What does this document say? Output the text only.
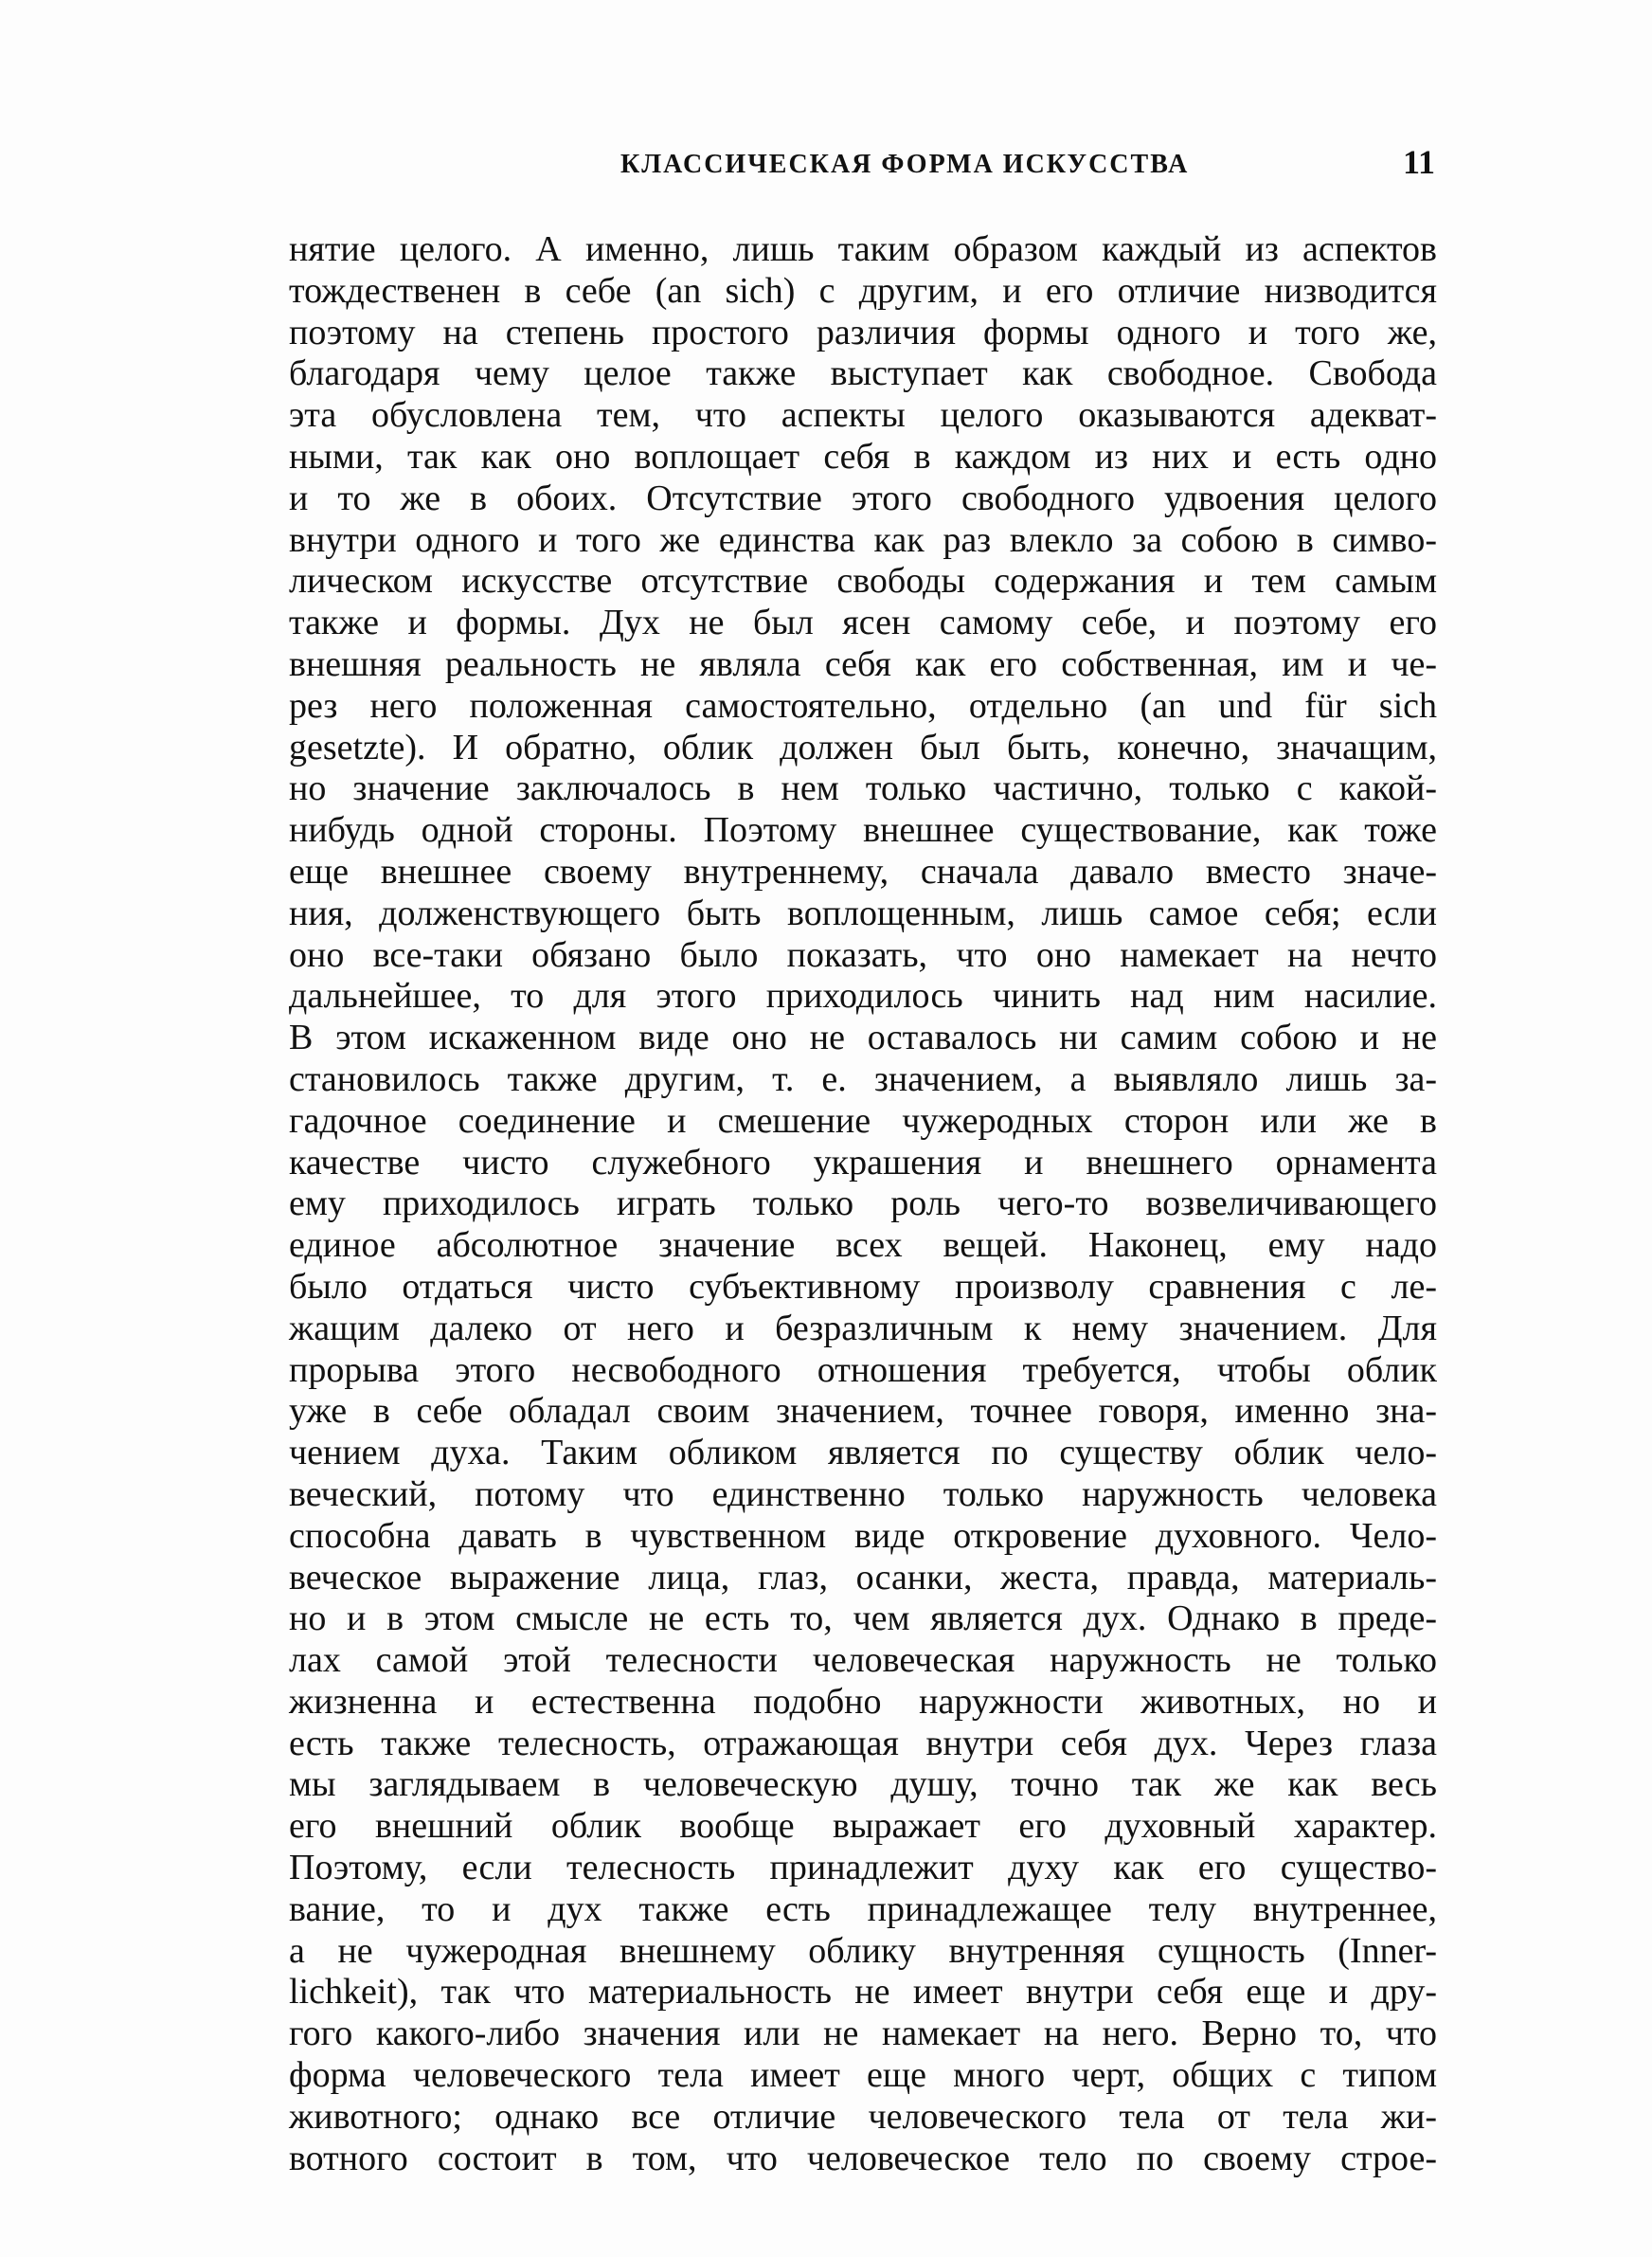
КЛАССИЧЕСКАЯ ФОРМА ИСКУССТВА	11
нятие целого. А именно, лишь таким образом каждый из аспектов
тождественен в себе (an sich) с другим, и его отличие низводится
поэтому на степень простого различия формы одного и того же,
благодаря чему целое также выступает как свободное. Свобода
эта обусловлена тем, что аспекты целого оказываются адекват-
ными, так как оно воплощает себя в каждом из них и есть одно
и то же в обоих. Отсутствие этого свободного удвоения целого
внутри одного и того же единства как раз влекло за собою в симво-
лическом искусстве отсутствие свободы содержания и тем самым
также и формы. Дух не был ясен самому себе, и поэтому его
внешняя реальность не являла себя как его собственная, им и че-
рез него положенная самостоятельно, отдельно (an und für sich
gesetzte). И обратно, облик должен был быть, конечно, значащим,
но значение заключалось в нем только частично, только с какой-
нибудь одной стороны. Поэтому внешнее существование, как тоже
еще внешнее своему внутреннему, сначала давало вместо значе-
ния, долженствующего быть воплощенным, лишь самое себя; если
оно все-таки обязано было показать, что оно намекает на нечто
дальнейшее, то для этого приходилось чинить над ним насилие.
В этом искаженном виде оно не оставалось ни самим собою и не
становилось также другим, т. е. значением, а выявляло лишь за-
гадочное соединение и смешение чужеродных сторон или же в
качестве чисто служебного украшения и внешнего орнамента
ему приходилось играть только роль чего-то возвеличивающего
единое абсолютное значение всех вещей. Наконец, ему надо
было отдаться чисто субъективному произволу сравнения с ле-
жащим далеко от него и безразличным к нему значением. Для
прорыва этого несвободного отношения требуется, чтобы облик
уже в себе обладал своим значением, точнее говоря, именно зна-
чением духа. Таким обликом является по существу облик чело-
веческий, потому что единственно только наружность человека
способна давать в чувственном виде откровение духовного. Чело-
веческое выражение лица, глаз, осанки, жеста, правда, материаль-
но и в этом смысле не есть то, чем является дух. Однако в преде-
лах самой этой телесности человеческая наружность не только
жизненна и естественна подобно наружности животных, но и
есть также телесность, отражающая внутри себя дух. Через глаза
мы заглядываем в человеческую душу, точно так же как весь
его внешний облик вообще выражает его духовный характер.
Поэтому, если телесность принадлежит духу как его существо-
вание, то и дух также есть принадлежащее телу внутреннее,
а не чужеродная внешнему облику внутренняя сущность (Inner-
lichkeit), так что материальность не имеет внутри себя еще и дру-
гого какого-либо значения или не намекает на него. Верно то, что
форма человеческого тела имеет еще много черт, общих с типом
животного; однако все отличие человеческого тела от тела жи-
вотного состоит в том, что человеческое тело по своему строе-
